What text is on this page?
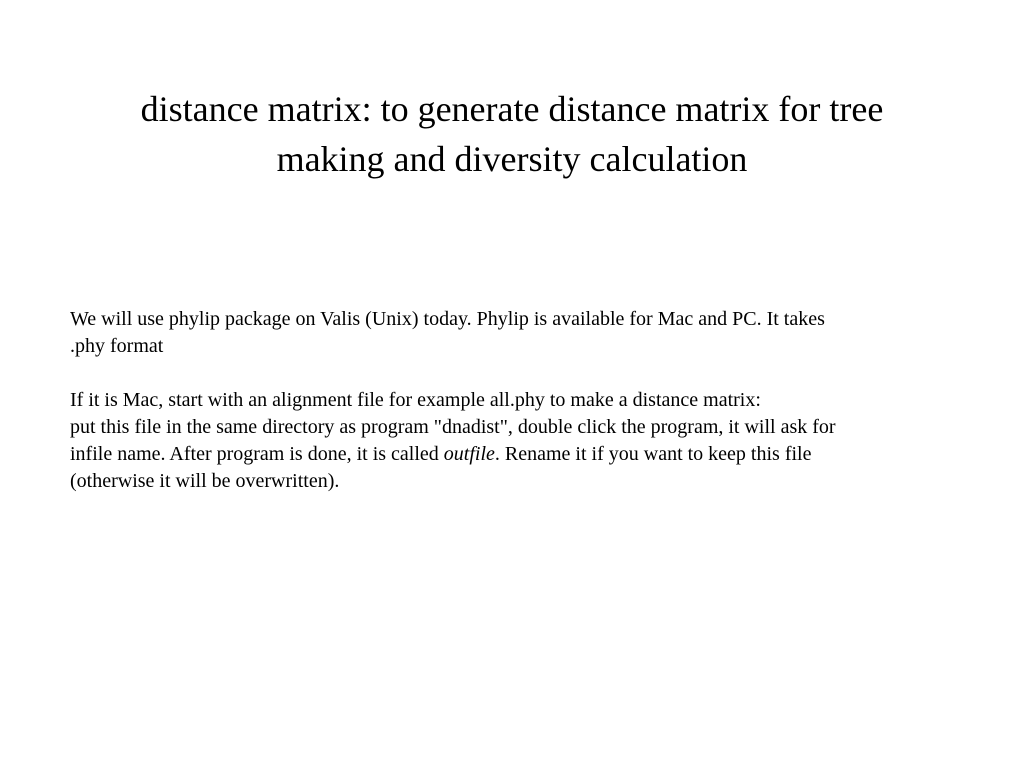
distance matrix: to generate distance matrix for tree
making and diversity calculation
We will use phylip package on Valis (Unix) today. Phylip is available for Mac and PC. It takes
.phy format
If it is Mac, start with an alignment file for example all.phy to make a distance matrix:
put this file in the same directory as program "dnadist", double click the program, it will ask for
infile name. After program is done, it is called outfile. Rename it if you want to keep this file
(otherwise it will be overwritten).
